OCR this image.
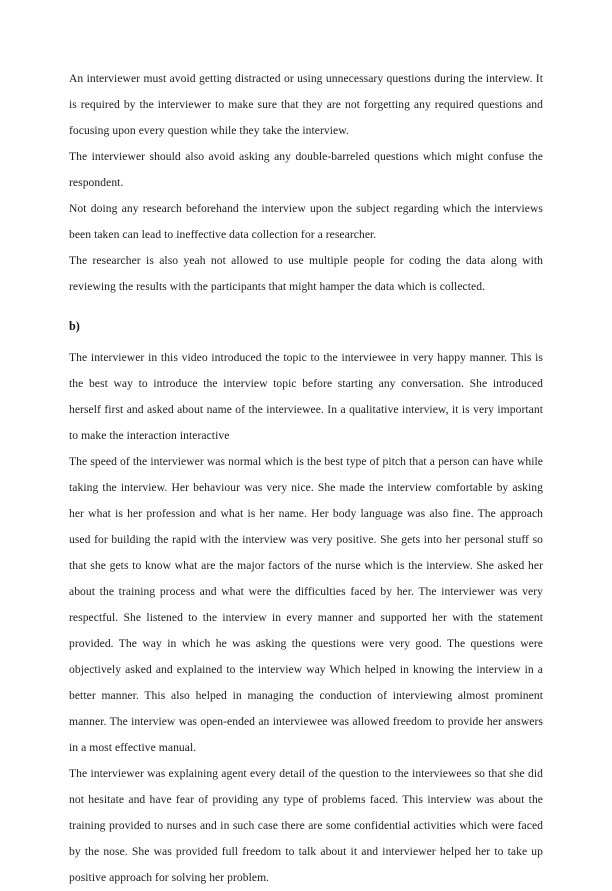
An interviewer must avoid getting distracted or using unnecessary questions during the interview. It is required by the interviewer to make sure that they are not forgetting any required questions and focusing upon every question while they take the interview.

The interviewer should also avoid asking any double-barreled questions which might confuse the respondent.

Not doing any research beforehand the interview upon the subject regarding which the interviews been taken can lead to ineffective data collection for a researcher.

The researcher is also yeah not allowed to use multiple people for coding the data along with reviewing the results with the participants that might hamper the data which is collected.

b)

The interviewer in this video introduced the topic to the interviewee in very happy manner. This is the best way to introduce the interview topic before starting any conversation. She introduced herself first and asked about name of the interviewee. In a qualitative interview, it is very important to make the interaction interactive

The speed of the interviewer was normal which is the best type of pitch that a person can have while taking the interview. Her behaviour was very nice. She made the interview comfortable by asking her what is her profession and what is her name. Her body language was also fine. The approach used for building the rapid with the interview was very positive. She gets into her personal stuff so that she gets to know what are the major factors of the nurse which is the interview. She asked her about the training process and what were the difficulties faced by her. The interviewer was very respectful. She listened to the interview in every manner and supported her with the statement provided. The way in which he was asking the questions were very good. The questions were objectively asked and explained to the interview way Which helped in knowing the interview in a better manner. This also helped in managing the conduction of interviewing almost prominent manner. The interview was open-ended an interviewee was allowed freedom to provide her answers in a most effective manual.

The interviewer was explaining agent every detail of the question to the interviewees so that she did not hesitate and have fear of providing any type of problems faced. This interview was about the training provided to nurses and in such case there are some confidential activities which were faced by the nose. She was provided full freedom to talk about it and interviewer helped her to take up positive approach for solving her problem.
